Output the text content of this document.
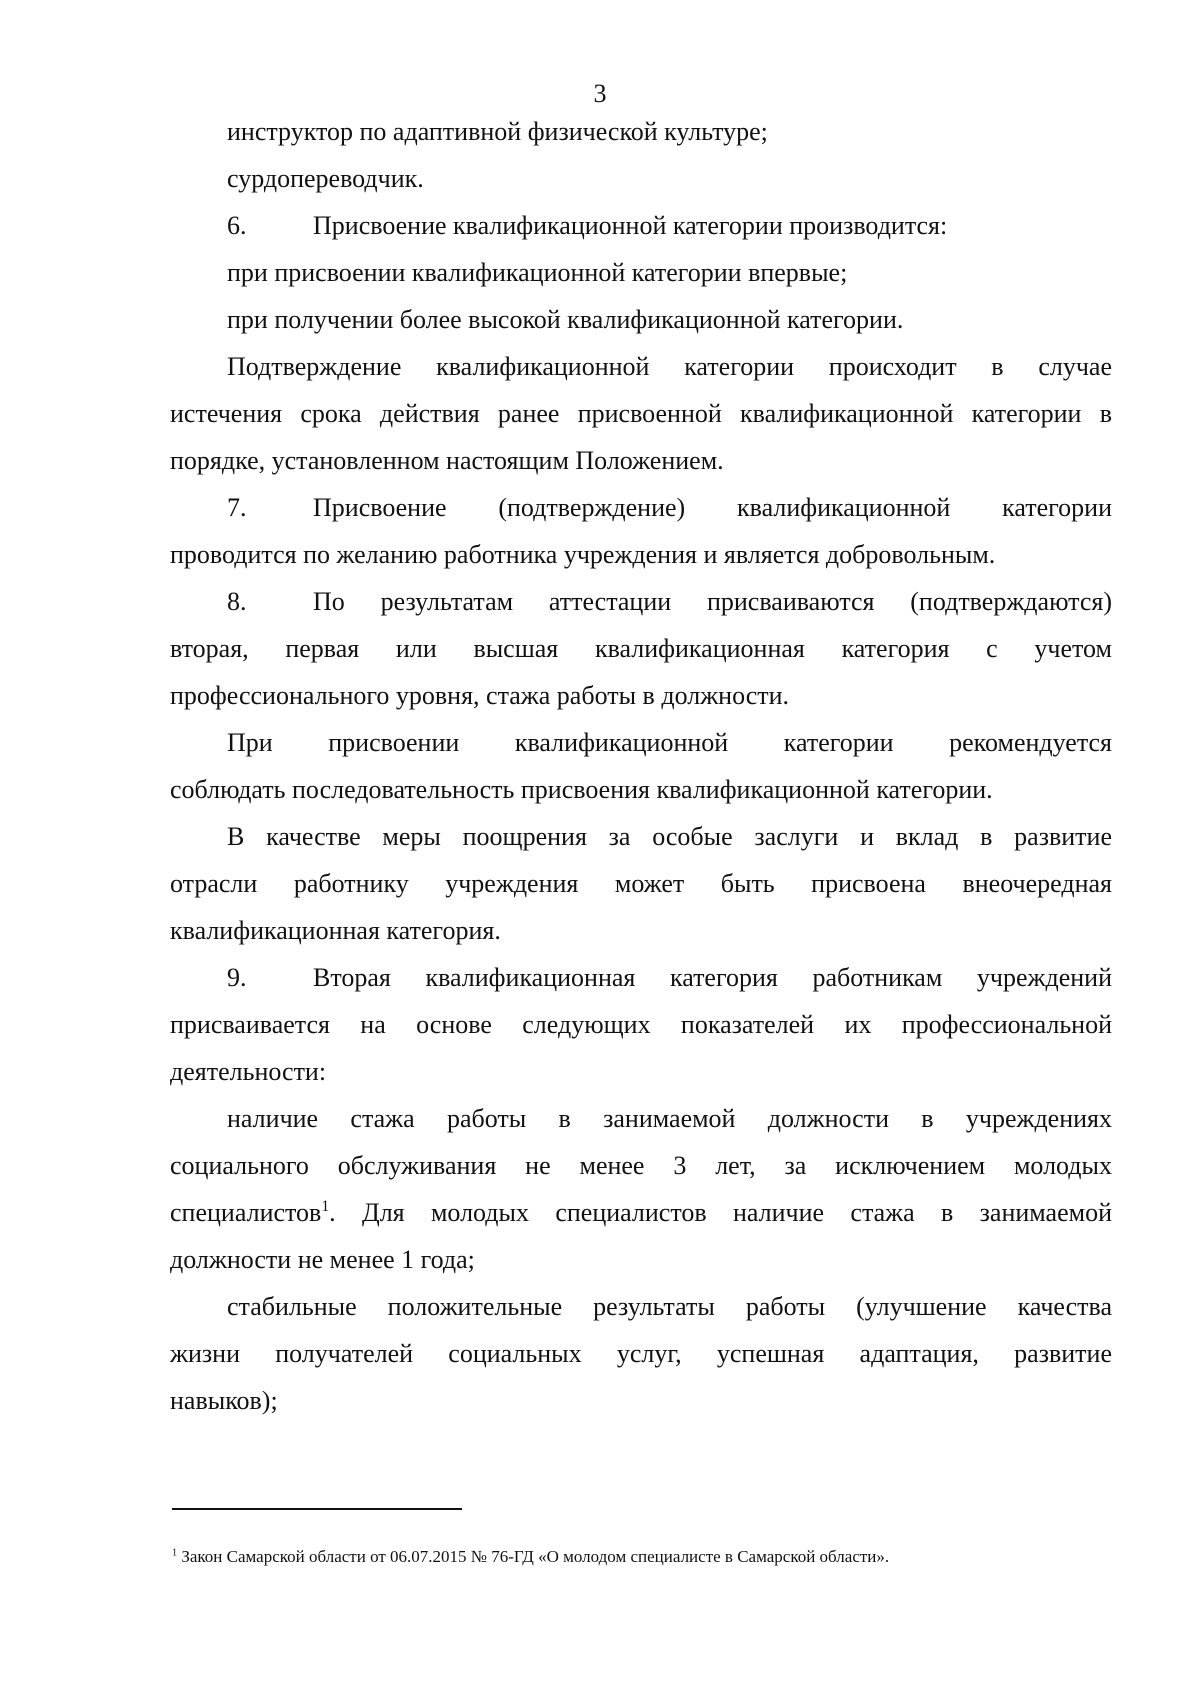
3
инструктор по адаптивной физической культуре;
сурдопереводчик.
6.	Присвоение квалификационной категории производится:
при присвоении квалификационной категории впервые;
при получении более высокой квалификационной категории.
Подтверждение квалификационной категории происходит в случае
истечения срока действия ранее присвоенной квалификационной категории в
порядке, установленном настоящим Положением.
7.	Присвоение (подтверждение) квалификационной категории
проводится по желанию работника учреждения и является добровольным.
8.	По результатам аттестации присваиваются (подтверждаются)
вторая, первая или высшая квалификационная категория с учетом
профессионального уровня, стажа работы в должности.
При присвоении квалификационной категории рекомендуется
соблюдать последовательность присвоения квалификационной категории.
В качестве меры поощрения за особые заслуги и вклад в развитие
отрасли работнику учреждения может быть присвоена внеочередная
квалификационная категория.
9.	Вторая квалификационная категория работникам учреждений
присваивается на основе следующих показателей их профессиональной
деятельности:
наличие стажа работы в занимаемой должности в учреждениях
социального обслуживания не менее 3 лет, за исключением молодых
специалистов$^1$. Для молодых специалистов наличие стажа в занимаемой
должности не менее 1 года;
стабильные положительные результаты работы (улучшение качества
жизни получателей социальных услуг, успешная адаптация, развитие
навыков);
$^1$ Закон Самарской области от 06.07.2015 № 76-ГД «О молодом специалисте в Самарской области».
